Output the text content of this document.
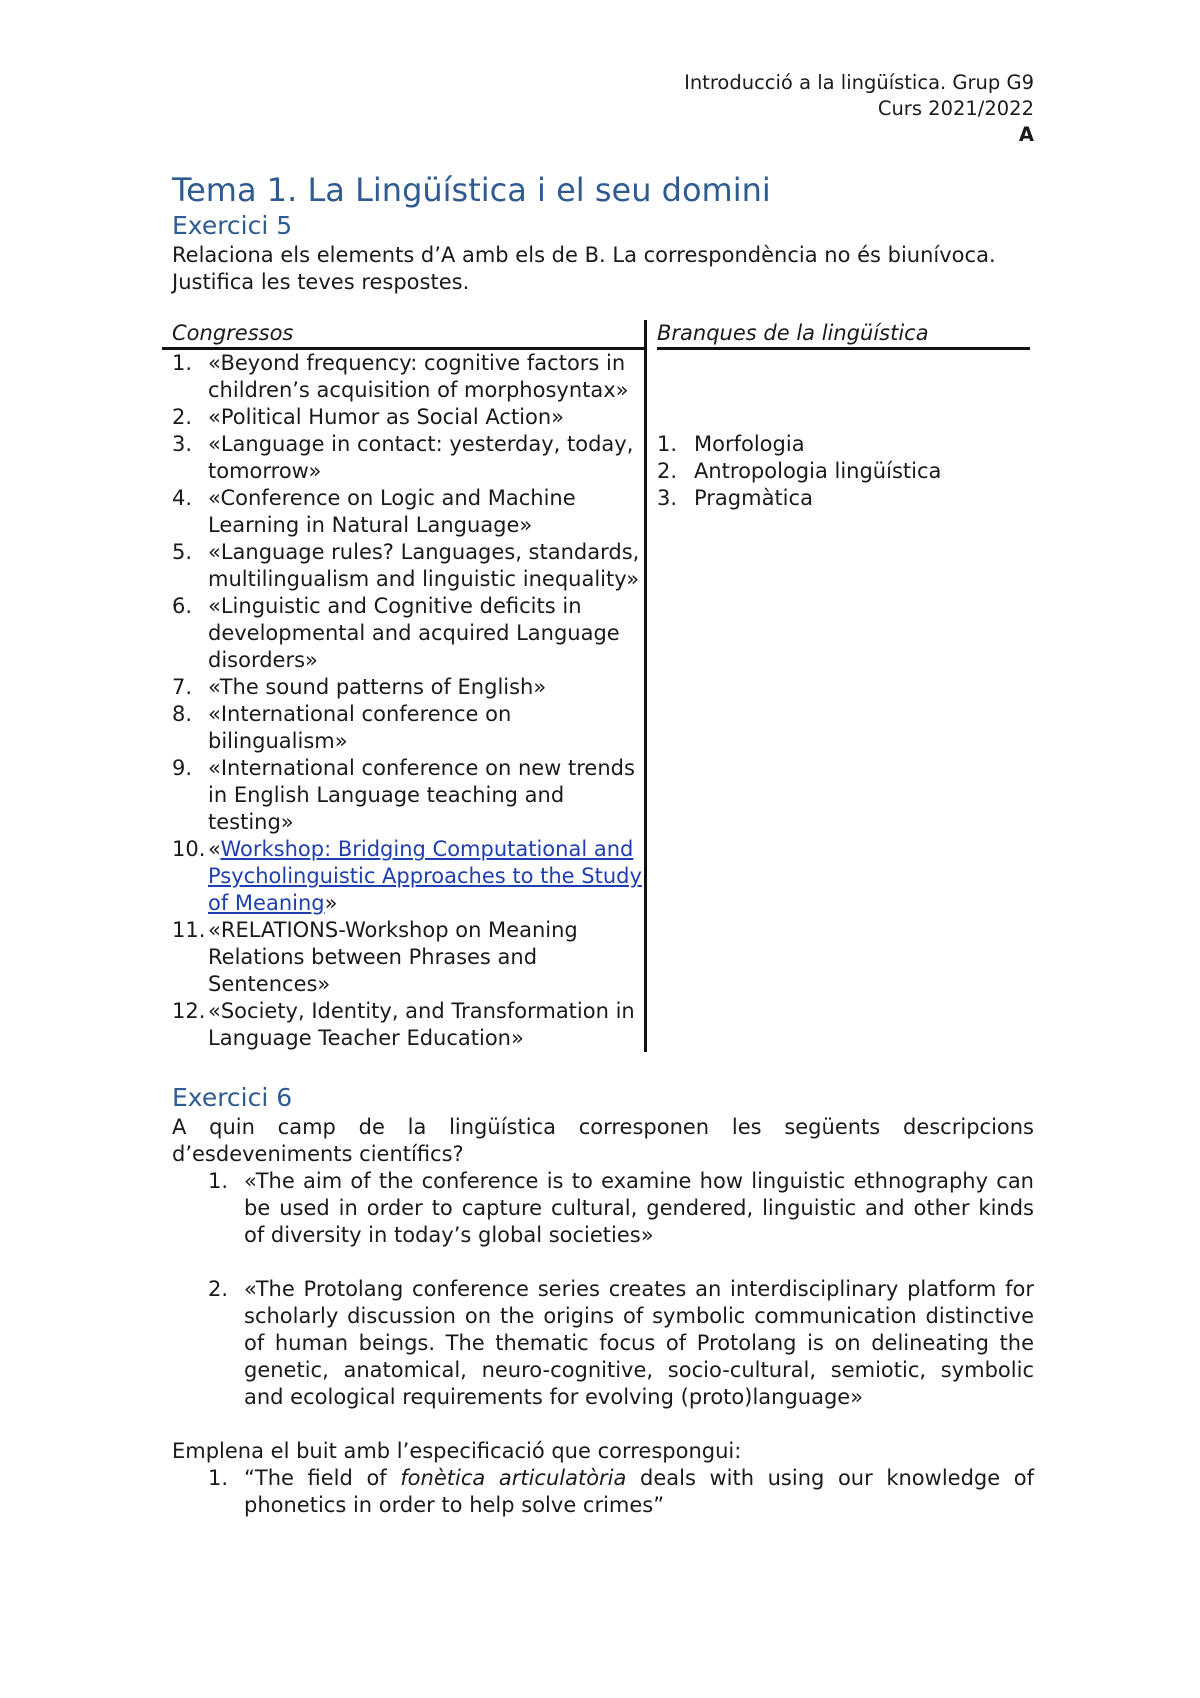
Introducció a la lingüística. Grup G9
Curs 2021/2022
A
Tema 1. La Lingüística i el seu domini
Exercici 5

Relaciona els elements d’A amb els de B. La correspondència no és biunívoca. Justifica les teves respostes.

Congressos
1. «Beyond frequency: cognitive factors in children’s acquisition of morphosyntax»
2. «Political Humor as Social Action»
3. «Language in contact: yesterday, today, tomorrow»
4. «Conference on Logic and Machine Learning in Natural Language»
5. «Language rules? Languages, standards, multilingualism and linguistic inequality»
6. «Linguistic and Cognitive deficits in developmental and acquired Language disorders»
7. «The sound patterns of English»
8. «International conference on bilingualism»
9. «International conference on new trends in English Language teaching and testing»
10. «Workshop: Bridging Computational and Psycholinguistic Approaches to the Study of Meaning»
11. «RELATIONS-Workshop on Meaning Relations between Phrases and Sentences»
12. «Society, Identity, and Transformation in Language Teacher Education»
Branques de la lingüística
1. Morfologia
2. Antropologia lingüística
3. Pragmàtica
Exercici 6

A quin camp de la lingüística corresponen les següents descripcions d’esdeveniments científics?

1. «The aim of the conference is to examine how linguistic ethnography can be used in order to capture cultural, gendered, linguistic and other kinds of diversity in today’s global societies»
2. «The Protolang conference series creates an interdisciplinary platform for scholarly discussion on the origins of symbolic communication distinctive of human beings. The thematic focus of Protolang is on delineating the genetic, anatomical, neuro-cognitive, socio-cultural, semiotic, symbolic and ecological requirements for evolving (proto)language»

Emplena el buit amb l’especificació que correspongui:

1. “The field of fonètica articulatòria deals with using our knowledge of phonetics in order to help solve crimes”
